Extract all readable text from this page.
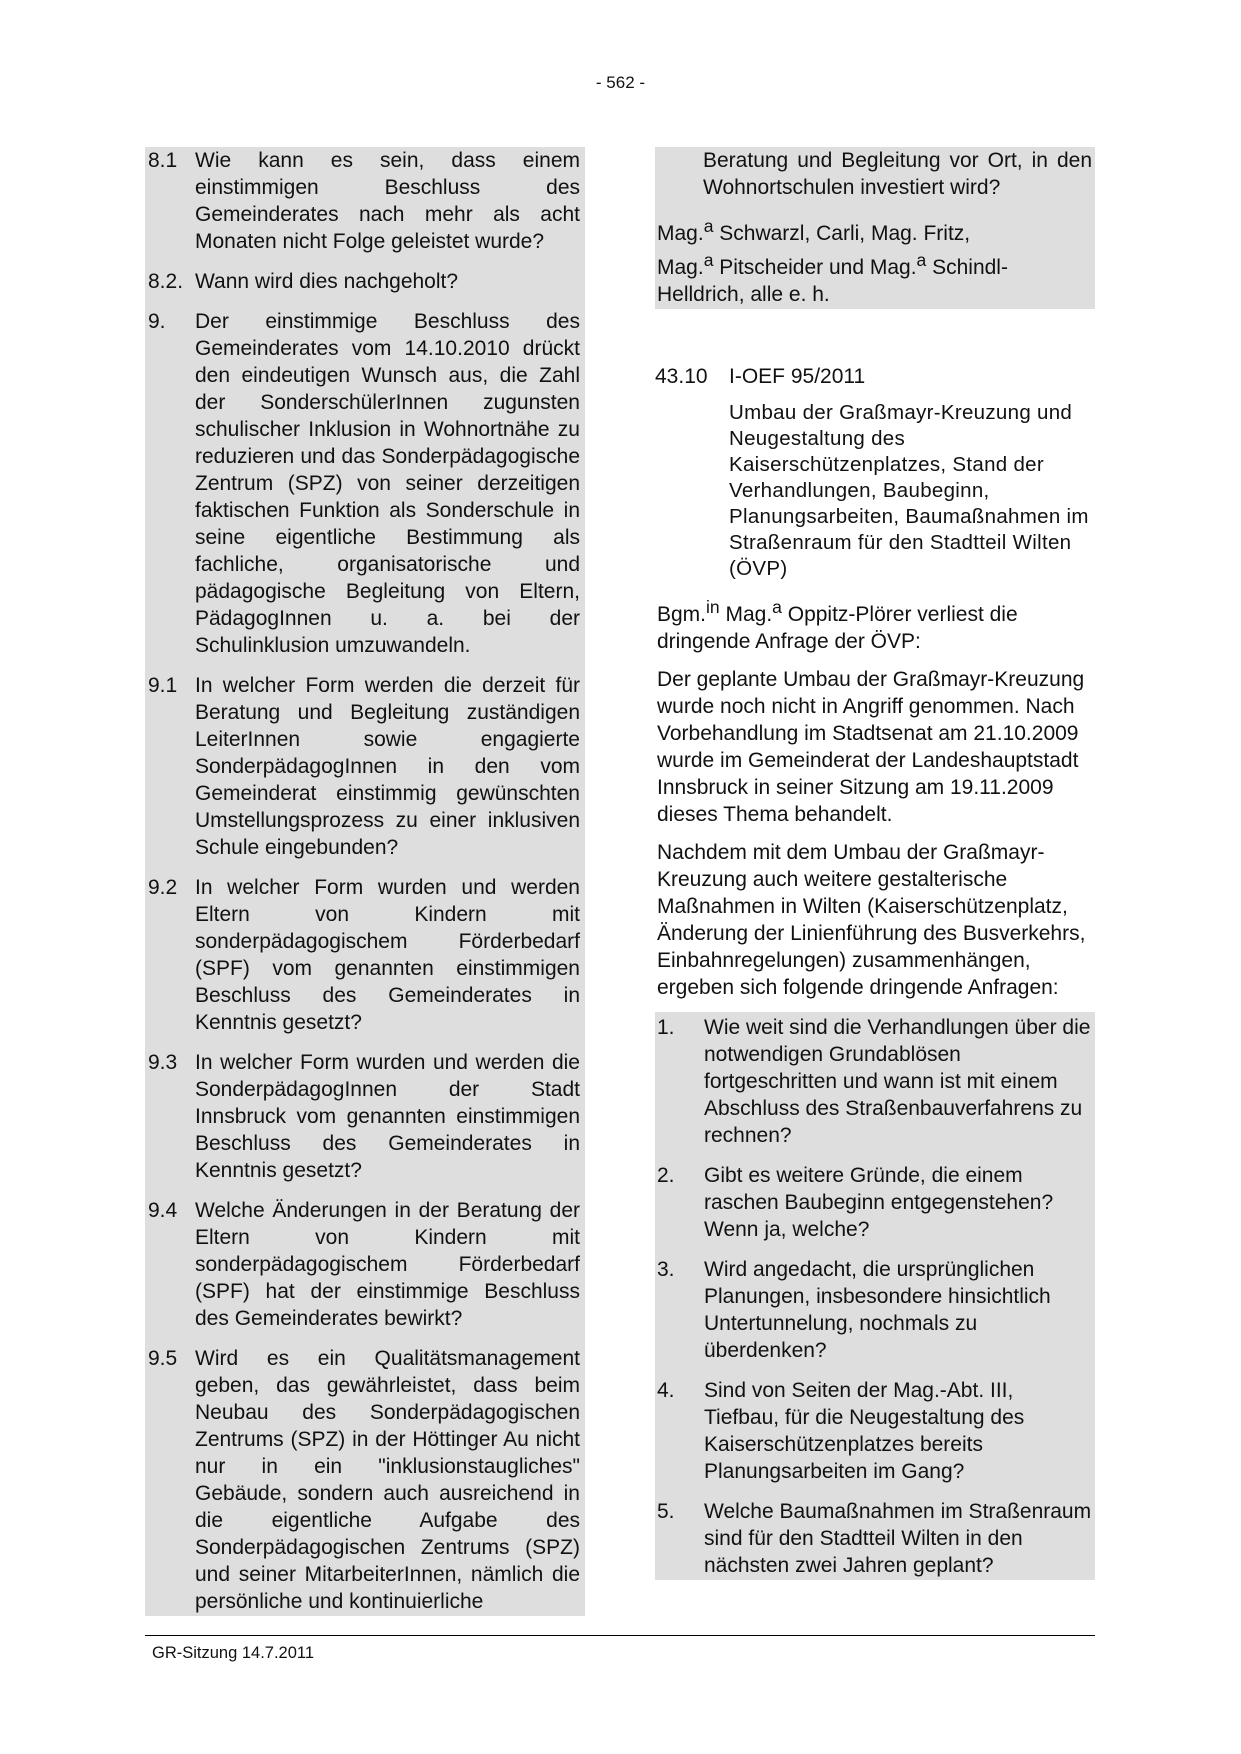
- 562 -
8.1 Wie kann es sein, dass einem einstimmigen Beschluss des Gemeinderates nach mehr als acht Monaten nicht Folge geleistet wurde?
8.2. Wann wird dies nachgeholt?
9.	Der einstimmige Beschluss des Gemeinderates vom 14.10.2010 drückt den eindeutigen Wunsch aus, die Zahl der SonderschülerInnen zugunsten schulischer Inklusion in Wohnortnähe zu reduzieren und das Sonderpädagogische Zentrum (SPZ) von seiner derzeitigen faktischen Funktion als Sonderschule in seine eigentliche Bestimmung als fachliche, organisatorische und pädagogische Begleitung von Eltern, PädagogInnen u. a. bei der Schulinklusion umzuwandeln.
9.1 In welcher Form werden die derzeit für Beratung und Begleitung zuständigen LeiterInnen sowie engagierte SonderpädagogInnen in den vom Gemeinderat einstimmig gewünschten Umstellungsprozess zu einer inklusiven Schule eingebunden?
9.2 In welcher Form wurden und werden Eltern von Kindern mit sonderpädagogischem Förderbedarf (SPF) vom genannten einstimmigen Beschluss des Gemeinderates in Kenntnis gesetzt?
9.3 In welcher Form wurden und werden die SonderpädagogInnen der Stadt Innsbruck vom genannten einstimmigen Beschluss des Gemeinderates in Kenntnis gesetzt?
9.4 Welche Änderungen in der Beratung der Eltern von Kindern mit sonderpädagogischem Förderbedarf (SPF) hat der einstimmige Beschluss des Gemeinderates bewirkt?
9.5 Wird es ein Qualitätsmanagement geben, das gewährleistet, dass beim Neubau des Sonderpädagogischen Zentrums (SPZ) in der Höttinger Au nicht nur in ein "inklusionstaugliches" Gebäude, sondern auch ausreichend in die eigentliche Aufgabe des Sonderpädagogischen Zentrums (SPZ) und seiner MitarbeiterInnen, nämlich die persönliche und kontinuierliche
Beratung und Begleitung vor Ort, in den Wohnortschulen investiert wird?
Mag.$^a$ Schwarzl, Carli, Mag. Fritz,
Mag.$^a$ Pitscheider und Mag.$^a$ Schindl-Helldrich, alle e. h.
43.10	I-OEF 95/2011
Umbau der Graßmayr-Kreuzung und Neugestaltung des Kaiserschützenplatzes, Stand der Verhandlungen, Baubeginn, Planungsarbeiten, Baumaßnahmen im Straßenraum für den Stadtteil Wilten (ÖVP)
Bgm.$^{in}$ Mag.$^a$ Oppitz-Plörer verliest die dringende Anfrage der ÖVP:
Der geplante Umbau der Graßmayr-Kreuzung wurde noch nicht in Angriff genommen. Nach Vorbehandlung im Stadtsenat am 21.10.2009 wurde im Gemeinderat der Landeshauptstadt Innsbruck in seiner Sitzung am 19.11.2009 dieses Thema behandelt.
Nachdem mit dem Umbau der Graßmayr-Kreuzung auch weitere gestalterische Maßnahmen in Wilten (Kaiserschützenplatz, Änderung der Linienführung des Busverkehrs, Einbahnregelungen) zusammenhängen, ergeben sich folgende dringende Anfragen:
1.	Wie weit sind die Verhandlungen über die notwendigen Grundablösen fortgeschritten und wann ist mit einem Abschluss des Straßenbauverfahrens zu rechnen?
2.	Gibt es weitere Gründe, die einem raschen Baubeginn entgegenstehen? Wenn ja, welche?
3.	Wird angedacht, die ursprünglichen Planungen, insbesondere hinsichtlich Untertunnelung, nochmals zu überdenken?
4.	Sind von Seiten der Mag.-Abt. III, Tiefbau, für die Neugestaltung des Kaiserschützenplatzes bereits Planungsarbeiten im Gang?
5.	Welche Baumaßnahmen im Straßenraum sind für den Stadtteil Wilten in den nächsten zwei Jahren geplant?
GR-Sitzung 14.7.2011
